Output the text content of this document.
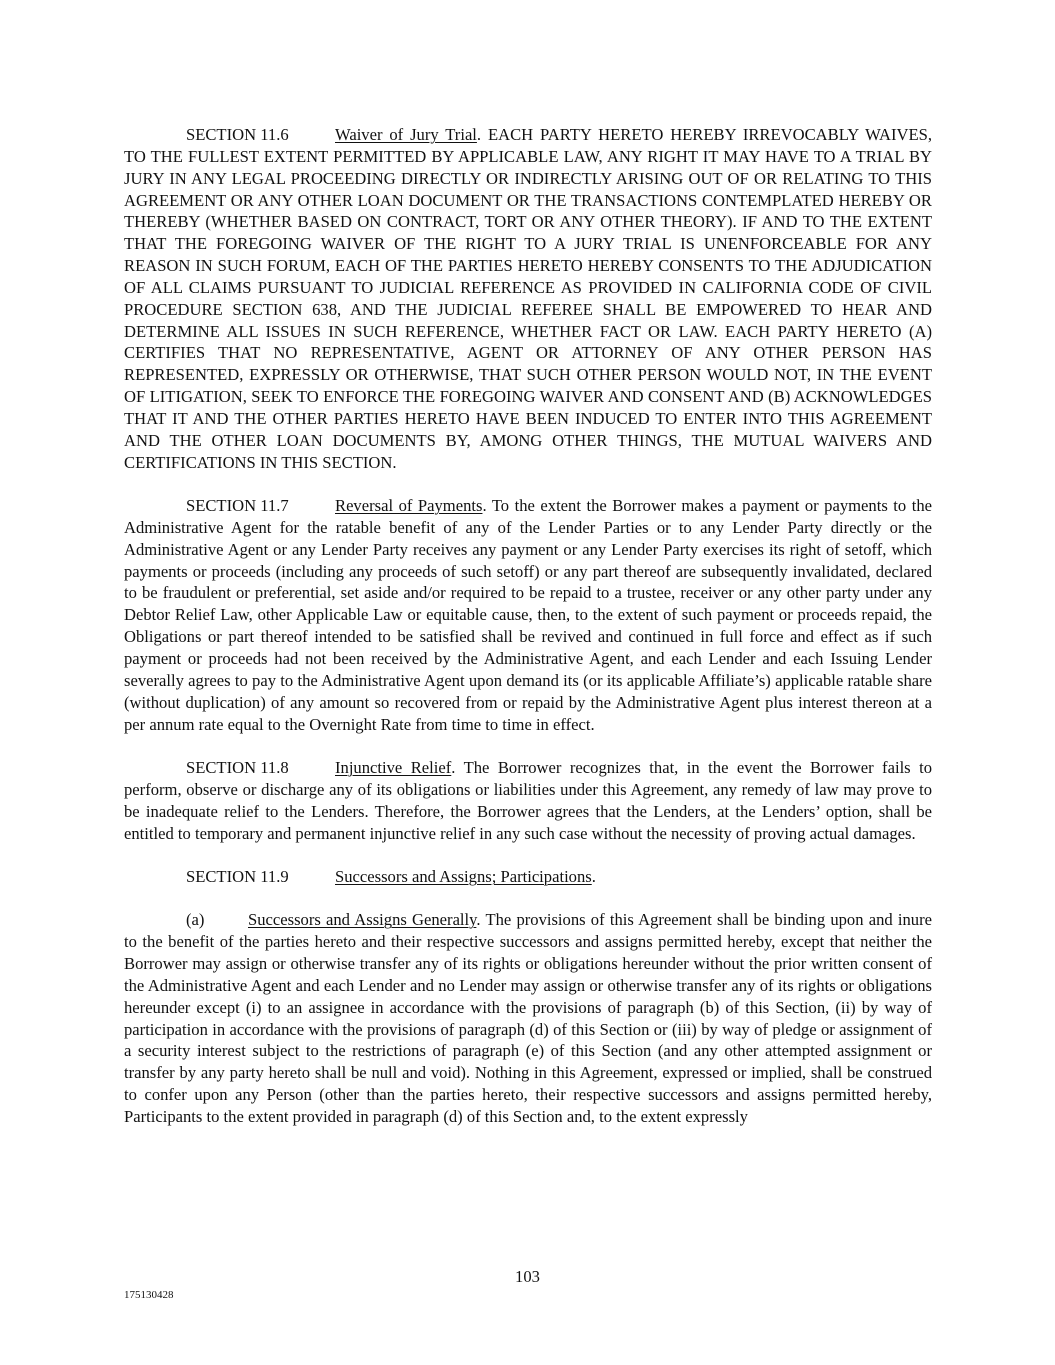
SECTION 11.6	Waiver of Jury Trial. EACH PARTY HERETO HEREBY IRREVOCABLY WAIVES, TO THE FULLEST EXTENT PERMITTED BY APPLICABLE LAW, ANY RIGHT IT MAY HAVE TO A TRIAL BY JURY IN ANY LEGAL PROCEEDING DIRECTLY OR INDIRECTLY ARISING OUT OF OR RELATING TO THIS AGREEMENT OR ANY OTHER LOAN DOCUMENT OR THE TRANSACTIONS CONTEMPLATED HEREBY OR THEREBY (WHETHER BASED ON CONTRACT, TORT OR ANY OTHER THEORY). IF AND TO THE EXTENT THAT THE FOREGOING WAIVER OF THE RIGHT TO A JURY TRIAL IS UNENFORCEABLE FOR ANY REASON IN SUCH FORUM, EACH OF THE PARTIES HERETO HEREBY CONSENTS TO THE ADJUDICATION OF ALL CLAIMS PURSUANT TO JUDICIAL REFERENCE AS PROVIDED IN CALIFORNIA CODE OF CIVIL PROCEDURE SECTION 638, AND THE JUDICIAL REFEREE SHALL BE EMPOWERED TO HEAR AND DETERMINE ALL ISSUES IN SUCH REFERENCE, WHETHER FACT OR LAW. EACH PARTY HERETO (A) CERTIFIES THAT NO REPRESENTATIVE, AGENT OR ATTORNEY OF ANY OTHER PERSON HAS REPRESENTED, EXPRESSLY OR OTHERWISE, THAT SUCH OTHER PERSON WOULD NOT, IN THE EVENT OF LITIGATION, SEEK TO ENFORCE THE FOREGOING WAIVER AND CONSENT AND (B) ACKNOWLEDGES THAT IT AND THE OTHER PARTIES HERETO HAVE BEEN INDUCED TO ENTER INTO THIS AGREEMENT AND THE OTHER LOAN DOCUMENTS BY, AMONG OTHER THINGS, THE MUTUAL WAIVERS AND CERTIFICATIONS IN THIS SECTION.

SECTION 11.7	Reversal of Payments. To the extent the Borrower makes a payment or payments to the Administrative Agent for the ratable benefit of any of the Lender Parties or to any Lender Party directly or the Administrative Agent or any Lender Party receives any payment or any Lender Party exercises its right of setoff, which payments or proceeds (including any proceeds of such setoff) or any part thereof are subsequently invalidated, declared to be fraudulent or preferential, set aside and/or required to be repaid to a trustee, receiver or any other party under any Debtor Relief Law, other Applicable Law or equitable cause, then, to the extent of such payment or proceeds repaid, the Obligations or part thereof intended to be satisfied shall be revived and continued in full force and effect as if such payment or proceeds had not been received by the Administrative Agent, and each Lender and each Issuing Lender severally agrees to pay to the Administrative Agent upon demand its (or its applicable Affiliate’s) applicable ratable share (without duplication) of any amount so recovered from or repaid by the Administrative Agent plus interest thereon at a per annum rate equal to the Overnight Rate from time to time in effect.

SECTION 11.8	Injunctive Relief. The Borrower recognizes that, in the event the Borrower fails to perform, observe or discharge any of its obligations or liabilities under this Agreement, any remedy of law may prove to be inadequate relief to the Lenders. Therefore, the Borrower agrees that the Lenders, at the Lenders’ option, shall be entitled to temporary and permanent injunctive relief in any such case without the necessity of proving actual damages.

SECTION 11.9	Successors and Assigns; Participations.

(a)	Successors and Assigns Generally. The provisions of this Agreement shall be binding upon and inure to the benefit of the parties hereto and their respective successors and assigns permitted hereby, except that neither the Borrower may assign or otherwise transfer any of its rights or obligations hereunder without the prior written consent of the Administrative Agent and each Lender and no Lender may assign or otherwise transfer any of its rights or obligations hereunder except (i) to an assignee in accordance with the provisions of paragraph (b) of this Section, (ii) by way of participation in accordance with the provisions of paragraph (d) of this Section or (iii) by way of pledge or assignment of a security interest subject to the restrictions of paragraph (e) of this Section (and any other attempted assignment or transfer by any party hereto shall be null and void). Nothing in this Agreement, expressed or implied, shall be construed to confer upon any Person (other than the parties hereto, their respective successors and assigns permitted hereby, Participants to the extent provided in paragraph (d) of this Section and, to the extent expressly

103
175130428
